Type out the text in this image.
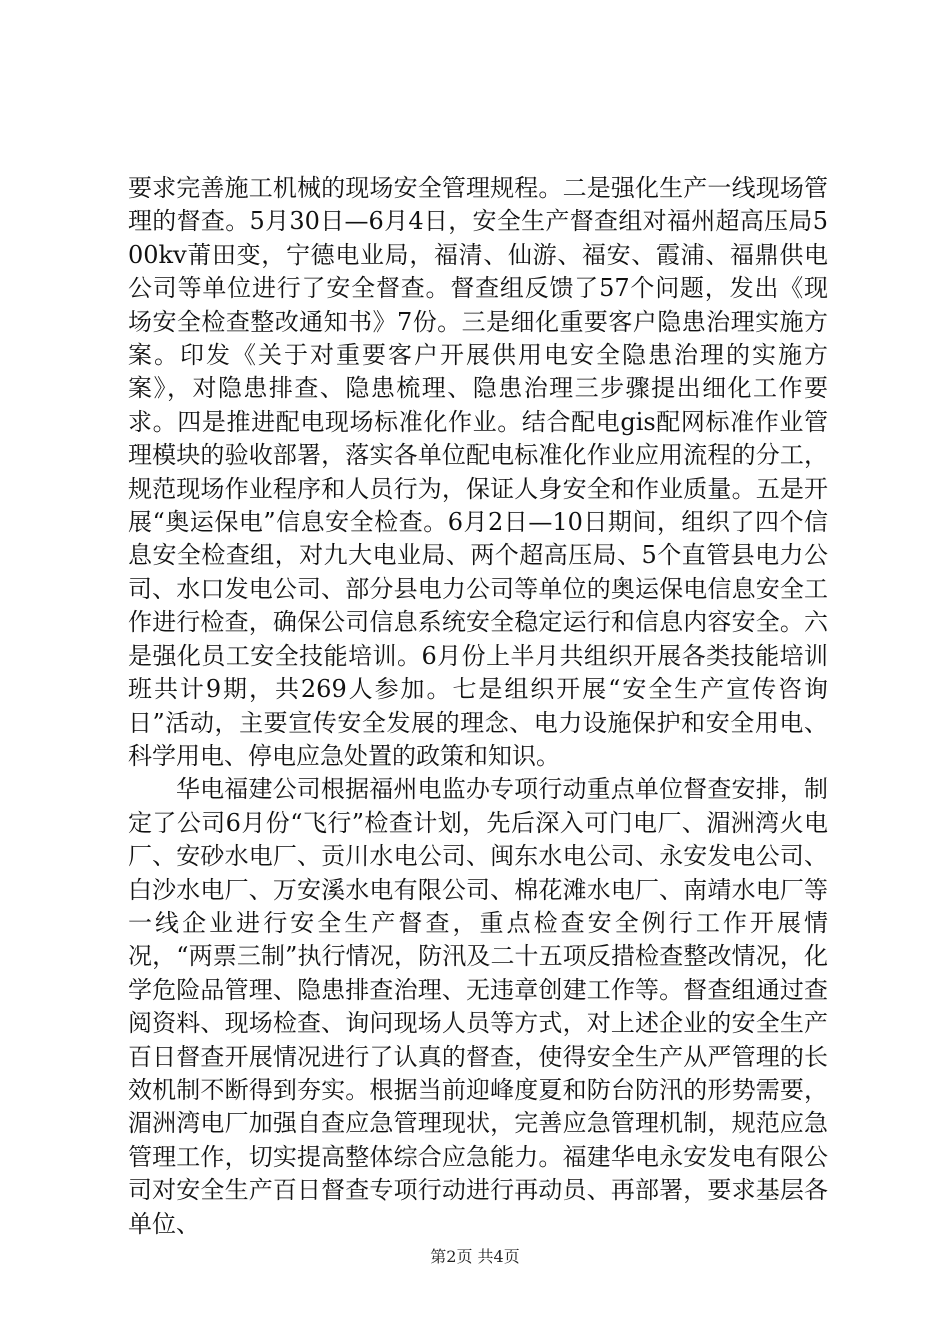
要求完善施工机械的现场安全管理规程。二是强化生产一线现场管理的督查。5月30日—6月4日，安全生产督查组对福州超高压局500kv莆田变，宁德电业局，福清、仙游、福安、霞浦、福鼎供电公司等单位进行了安全督查。督查组反馈了57个问题，发出《现场安全检查整改通知书》7份。三是细化重要客户隐患治理实施方案。印发《关于对重要客户开展供用电安全隐患治理的实施方案》，对隐患排查、隐患梳理、隐患治理三步骤提出细化工作要求。四是推进配电现场标准化作业。结合配电gis配网标准作业管理模块的验收部署，落实各单位配电标准化作业应用流程的分工，规范现场作业程序和人员行为，保证人身安全和作业质量。五是开展“奥运保电”信息安全检查。6月2日—10日期间，组织了四个信息安全检查组，对九大电业局、两个超高压局、5个直管县电力公司、水口发电公司、部分县电力公司等单位的奥运保电信息安全工作进行检查，确保公司信息系统安全稳定运行和信息内容安全。六是强化员工安全技能培训。6月份上半月共组织开展各类技能培训班共计9期，共269人参加。七是组织开展“安全生产宣传咨询日”活动，主要宣传安全发展的理念、电力设施保护和安全用电、科学用电、停电应急处置的政策和知识。

华电福建公司根据福州电监办专项行动重点单位督查安排，制定了公司6月份“飞行”检查计划，先后深入可门电厂、湄洲湾火电厂、安砂水电厂、贡川水电公司、闽东水电公司、永安发电公司、白沙水电厂、万安溪水电有限公司、棉花滩水电厂、南靖水电厂等一线企业进行安全生产督查，重点检查安全例行工作开展情况，“两票三制”执行情况，防汛及二十五项反措检查整改情况，化学危险品管理、隐患排查治理、无违章创建工作等。督查组通过查阅资料、现场检查、询问现场人员等方式，对上述企业的安全生产百日督查开展情况进行了认真的督查，使得安全生产从严管理的长效机制不断得到夯实。根据当前迎峰度夏和防台防汛的形势需要，湄洲湾电厂加强自查应急管理现状，完善应急管理机制，规范应急管理工作，切实提高整体综合应急能力。福建华电永安发电有限公司对安全生产百日督查专项行动进行再动员、再部署，要求基层各单位、

第2页 共4页
